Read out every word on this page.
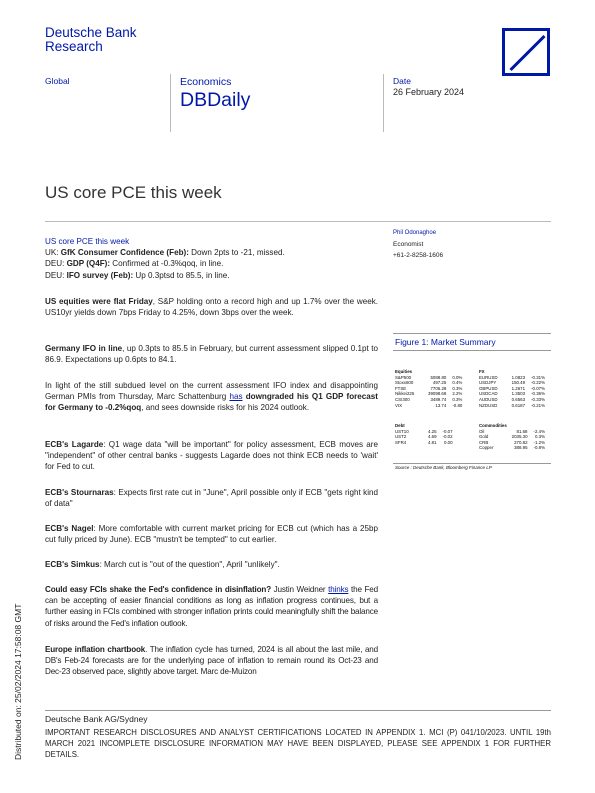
Deutsche Bank
Research
Global	Economics
DBDaily
Date
26 February 2024
US core PCE this week
Phil Odonaghoe
Economist
+61-2-8258-1606
US core PCE this week
UK: GfK Consumer Confidence (Feb): Down 2pts to -21, missed.
DEU: GDP (Q4F): Confirmed at -0.3%qoq, in line.
DEU: IFO survey (Feb): Up 0.3ptsd to 85.5, in line.

US equities were flat Friday, S&P holding onto a record high and up 1.7% over the week. US10yr yields down 7bps Friday to 4.25%, down 3bps over the week.

Germany IFO in line, up 0.3pts to 85.5 in February, but current assessment slipped 0.1pt to 86.9. Expectations up 0.6pts to 84.1.

In light of the still subdued level on the current assessment IFO index and disappointing German PMIs from Thursday, Marc Schattenburg has downgraded his Q1 GDP forecast for Germany to -0.2%qoq, and sees downside risks for his 2024 outlook.

ECB's Lagarde: Q1 wage data "will be important" for policy assessment, ECB moves are "independent" of other central banks - suggests Lagarde does not think ECB needs to 'wait' for Fed to cut.

ECB's Stournaras: Expects first rate cut in "June", April possible only if ECB "gets right kind of data"

ECB's Nagel: More comfortable with current market pricing for ECB cut (which has a 25bp cut fully priced by June). ECB "mustn't be tempted" to cut earlier.

ECB's Simkus: March cut is "out of the question", April "unlikely".

Could easy FCIs shake the Fed's confidence in disinflation? Justin Weidner thinks the Fed can be accepting of easier financial conditions as long as inflation progress continues, but a further easing in FCIs combined with stronger inflation prints could meaningfully shift the balance of risks around the Fed's inflation outlook.

Europe inflation chartbook. The inflation cycle has turned, 2024 is all about the last mile, and DB's Feb-24 forecasts are for the underlying pace of inflation to remain round its Oct-23 and Dec-23 observed pace, slightly above target. Marc de-Muizon

Figure 1: Market Summary
Equities
S&P500	5088.80	0.0%
Stoxx600	497.25	0.4%
FTSE	7706.28	0.3%
Nikkei225	39098.68	2.2%
CSI300	3489.74	0.3%
VIX	13.74	-0.80
FX
EURUSD	1.0823	-0.31%
USDJPY	150.49	-0.22%
GBPUSD	1.2671	-0.07%
USDCAD	1.3503	-0.36%
AUDUSD	0.6563	-0.33%
NZDUSD	0.6187	-0.21%
Debt
UST10	4.25	-0.07
UST2	4.69	-0.02
SFR4	4.81	0.00
Commodities
Oil	81.68	-2.4%
Gold	2035.30	0.3%
CRB	270.82	-1.2%
Copper	388.95	-0.8%
Source : Deutsche Bank, Bloomberg Finance LP
Distributed on: 25/02/2024 17:58:08 GMT	Deutsche Bank AG/Sydney
IMPORTANT RESEARCH DISCLOSURES AND ANALYST CERTIFICATIONS LOCATED IN APPENDIX 1. MCI (P) 041/10/2023. UNTIL 19th MARCH 2021 INCOMPLETE DISCLOSURE INFORMATION MAY HAVE BEEN DISPLAYED, PLEASE SEE APPENDIX 1 FOR FURTHER DETAILS.
